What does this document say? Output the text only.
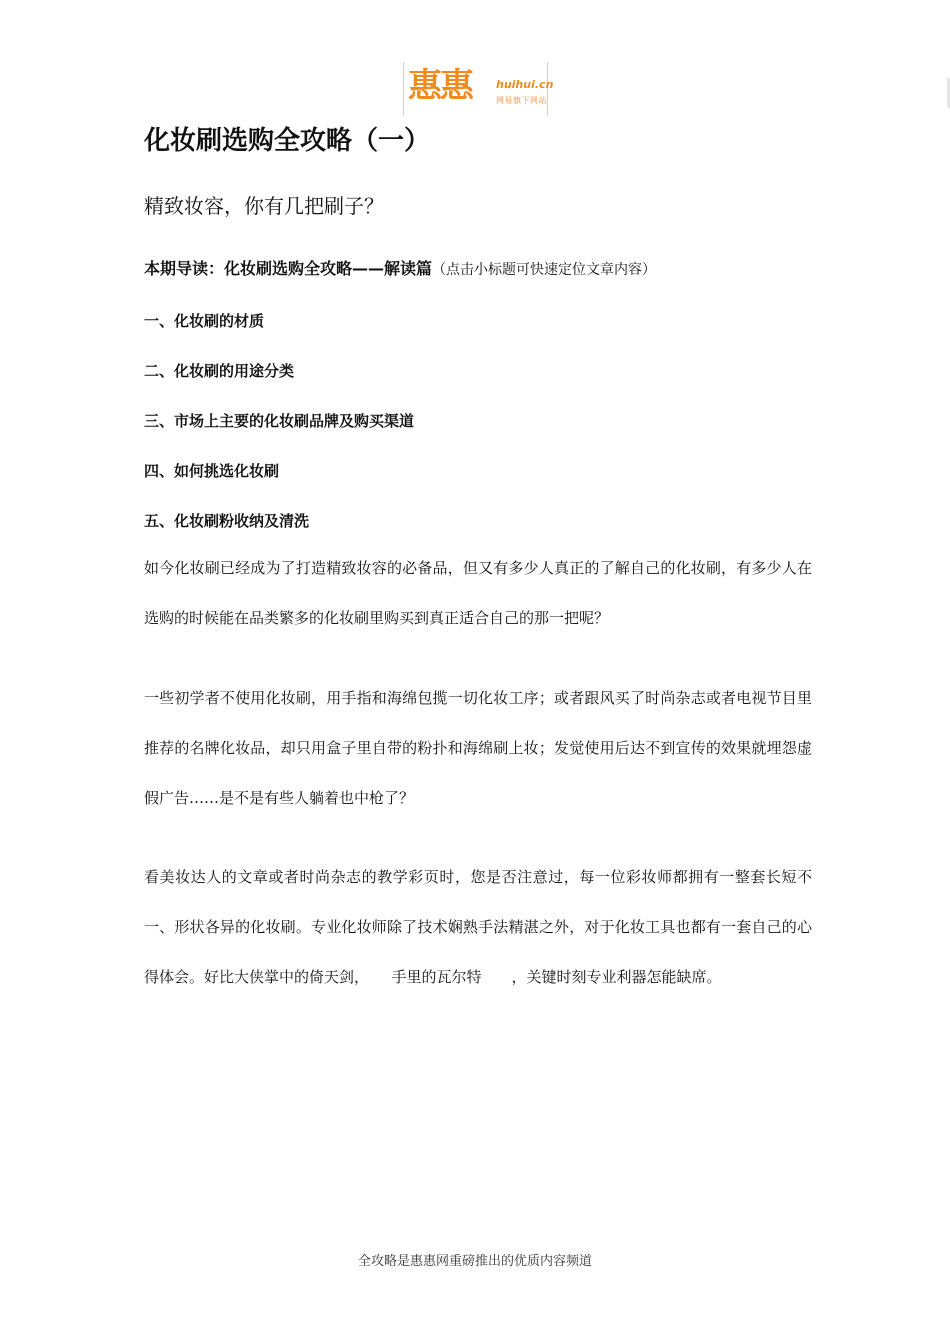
惠惠 huihui.cn
网易旗下网站
化妆刷选购全攻略（一）
精致妆容，你有几把刷子？
本期导读：化妆刷选购全攻略——解读篇（点击小标题可快速定位文章内容）
一、化妆刷的材质
二、化妆刷的用途分类
三、市场上主要的化妆刷品牌及购买渠道
四、如何挑选化妆刷
五、化妆刷粉收纳及清洗
如今化妆刷已经成为了打造精致妆容的必备品，但又有多少人真正的了解自己的化妆刷，有多少人在选购的时候能在品类繁多的化妆刷里购买到真正适合自己的那一把呢？
一些初学者不使用化妆刷，用手指和海绵包揽一切化妆工序；或者跟风买了时尚杂志或者电视节目里推荐的名牌化妆品，却只用盒子里自带的粉扑和海绵刷上妆；发觉使用后达不到宣传的效果就埋怨虚假广告……是不是有些人躺着也中枪了？
看美妆达人的文章或者时尚杂志的教学彩页时，您是否注意过，每一位彩妆师都拥有一整套长短不一、形状各异的化妆刷。专业化妆师除了技术娴熟手法精湛之外，对于化妆工具也都有一套自己的心得体会。好比大侠掌中的倚天剑，　　手里的瓦尔特　　，关键时刻专业利器怎能缺席。
全攻略是惠惠网重磅推出的优质内容频道
